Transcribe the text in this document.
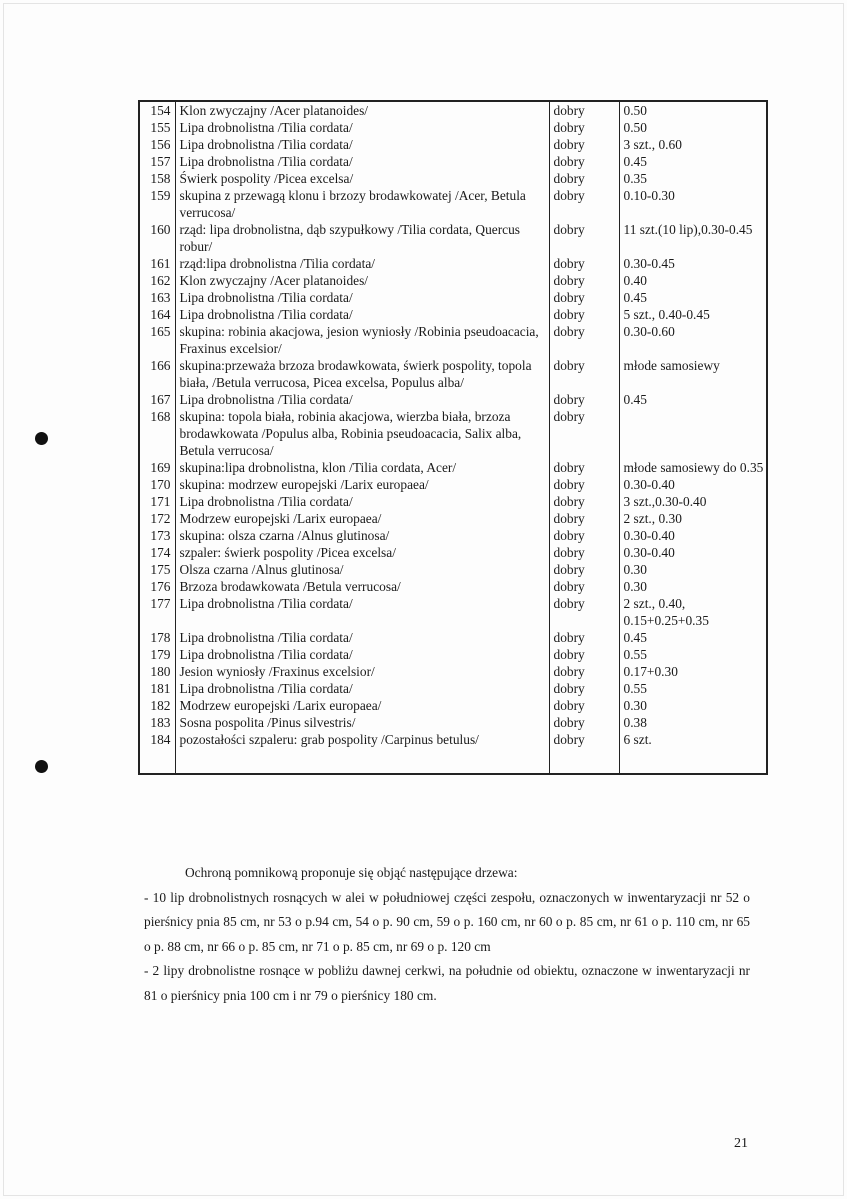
154	Klon zwyczajny /Acer platanoides/	dobry	0.50
155	Lipa drobnolistna /Tilia cordata/	dobry	0.50
156	Lipa drobnolistna /Tilia cordata/	dobry	3 szt., 0.60
157	Lipa drobnolistna /Tilia cordata/	dobry	0.45
158	Świerk pospolity /Picea excelsa/	dobry	0.35
159	skupina z przewagą klonu i brzozy brodawkowatej /Acer, Betula verrucosa/	dobry	0.10-0.30
160	rząd: lipa drobnolistna, dąb szypułkowy /Tilia cordata, Quercus robur/	dobry	11 szt.(10 lip),0.30-0.45
161	rząd:lipa drobnolistna /Tilia cordata/	dobry	0.30-0.45
162	Klon zwyczajny /Acer platanoides/	dobry	0.40
163	Lipa drobnolistna /Tilia cordata/	dobry	0.45
164	Lipa drobnolistna /Tilia cordata/	dobry	5 szt., 0.40-0.45
165	skupina: robinia akacjowa, jesion wyniosły /Robinia pseudoacacia, Fraxinus excelsior/	dobry	0.30-0.60
166	skupina:przeważa brzoza brodawkowata, świerk pospolity, topola biała, /Betula verrucosa, Picea excelsa, Populus alba/	dobry	młode samosiewy
167	Lipa drobnolistna /Tilia cordata/	dobry	0.45
168	skupina: topola biała, robinia akacjowa, wierzba biała, brzoza brodawkowata /Populus alba, Robinia pseudoacacia, Salix alba, Betula verrucosa/	dobry	
169	skupina:lipa drobnolistna, klon /Tilia cordata, Acer/	dobry	młode samosiewy do 0.35
170	skupina: modrzew europejski /Larix europaea/	dobry	0.30-0.40
171	Lipa drobnolistna /Tilia cordata/	dobry	3 szt.,0.30-0.40
172	Modrzew europejski /Larix europaea/	dobry	2 szt., 0.30
173	skupina: olsza czarna /Alnus glutinosa/	dobry	0.30-0.40
174	szpaler: świerk pospolity /Picea excelsa/	dobry	0.30-0.40
175	Olsza czarna /Alnus glutinosa/	dobry	0.30
176	Brzoza brodawkowata /Betula verrucosa/	dobry	0.30
177	Lipa drobnolistna /Tilia cordata/	dobry	2 szt., 0.40, 0.15+0.25+0.35
178	Lipa drobnolistna /Tilia cordata/	dobry	0.45
179	Lipa drobnolistna /Tilia cordata/	dobry	0.55
180	Jesion wyniosły /Fraxinus excelsior/	dobry	0.17+0.30
181	Lipa drobnolistna /Tilia cordata/	dobry	0.55
182	Modrzew europejski /Larix europaea/	dobry	0.30
183	Sosna pospolita /Pinus silvestris/	dobry	0.38
184	pozostałości szpaleru: grab pospolity /Carpinus betulus/	dobry	6 szt.

Ochroną pomnikową proponuje się objąć następujące drzewa:

- 10 lip drobnolistnych rosnących w alei w południowej części zespołu, oznaczonych w inwentaryzacji nr 52 o pierśnicy pnia 85 cm, nr 53 o p.94 cm, 54 o p. 90 cm, 59 o p. 160 cm, nr 60 o p. 85 cm, nr 61 o p. 110 cm, nr 65 o p. 88 cm, nr 66 o p. 85 cm, nr 71 o p. 85 cm, nr 69 o p. 120 cm

- 2 lipy drobnolistne rosnące w pobliżu dawnej cerkwi, na południe od obiektu, oznaczone w inwentaryzacji nr 81 o pierśnicy pnia 100 cm i nr 79 o pierśnicy 180 cm.

21
